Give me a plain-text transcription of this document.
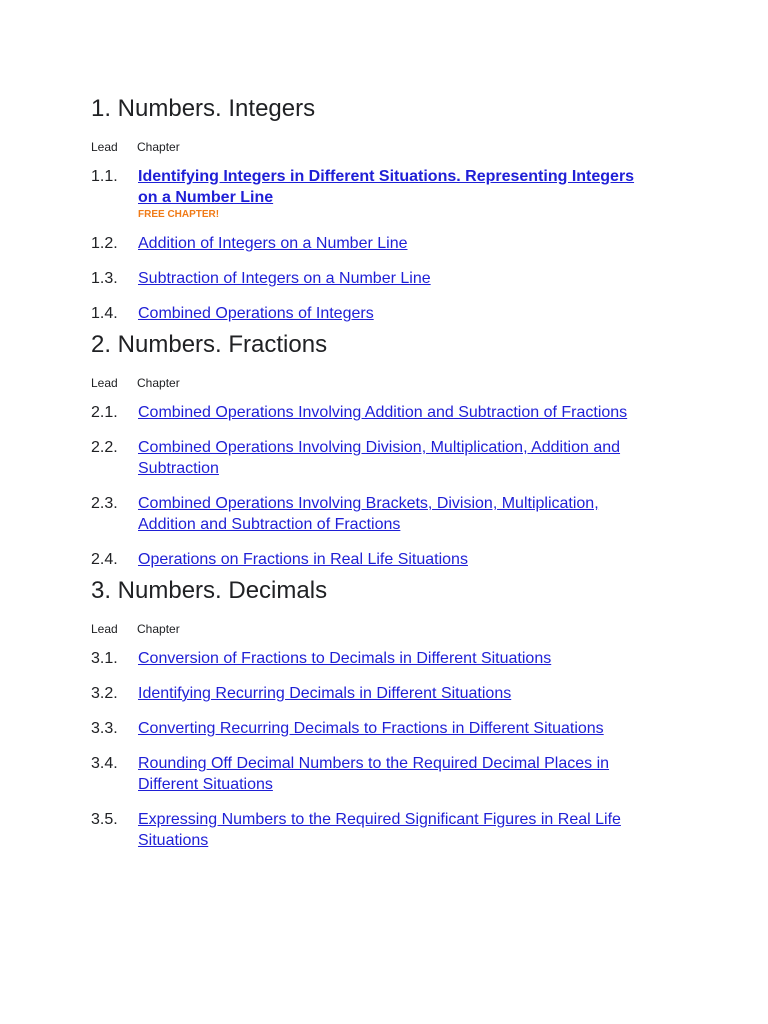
1. Numbers. Integers
Lead	Chapter
1.1.	Identifying Integers in Different Situations. Representing Integers on a Number Line
FREE CHAPTER!
1.2.	Addition of Integers on a Number Line
1.3.	Subtraction of Integers on a Number Line
1.4.	Combined Operations of Integers
2. Numbers. Fractions
Lead	Chapter
2.1.	Combined Operations Involving Addition and Subtraction of Fractions
2.2.	Combined Operations Involving Division, Multiplication, Addition and Subtraction
2.3.	Combined Operations Involving Brackets, Division, Multiplication, Addition and Subtraction of Fractions
2.4.	Operations on Fractions in Real Life Situations
3. Numbers. Decimals
Lead	Chapter
3.1.	Conversion of Fractions to Decimals in Different Situations
3.2.	Identifying Recurring Decimals in Different Situations
3.3.	Converting Recurring Decimals to Fractions in Different Situations
3.4.	Rounding Off Decimal Numbers to the Required Decimal Places in Different Situations
3.5.	Expressing Numbers to the Required Significant Figures in Real Life Situations
